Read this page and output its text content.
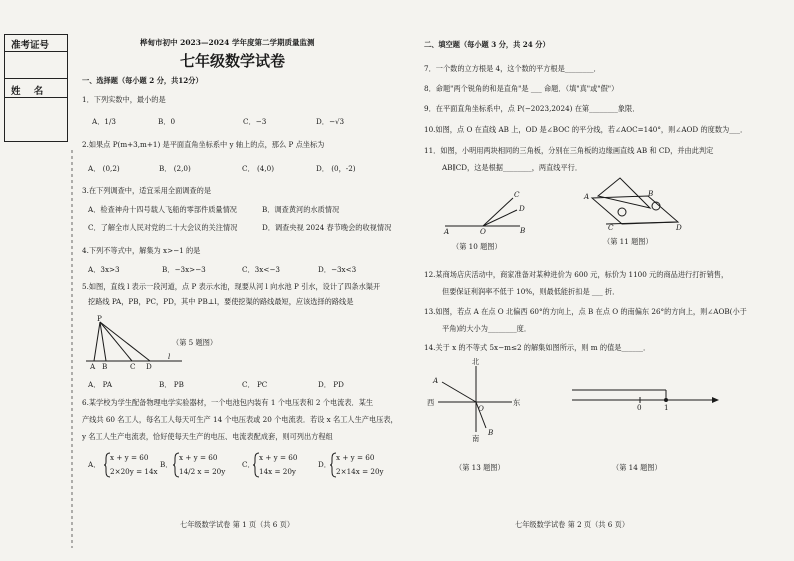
准考证号
姓    名
桦甸市初中 2023—2024 学年度第二学期质量监测
七年级数学试卷
一、选择题（每小题 2 分，共12分）
1．下列实数中，最小的是
A．1/3	B．0	C．−3	D．−√3
2.如果点 P(m+3,m+1) 是平面直角坐标系中 y 轴上的点，那么 P 点坐标为
A． (0,2)	B． (2,0)	C． (4,0)	D． (0，-2)
3.在下列调查中，适宜采用全面调查的是
A．检查神舟十四号载人飞船的零部件质量情况	B．调查黄河的水质情况
C．了解全市人民对党的二十大会议的关注情况	D．调查央视 2024 春节晚会的收视情况
4.下列不等式中，解集为 x>−1 的是
A．3x>3	B．−3x>−3	C．3x<−3	D．−3x<3
5.如图，直线 l 表示一段河道，点 P 表示水池，现要从河 l 向水池 P 引水，设计了四条水渠开
挖路线 PA，PB，PC，PD，其中 PB⊥l，要使挖渠的路线最短，应该选择的路线是
P
A B	C D
l
（第 5 题图）
A． PA	B． PB	C． PC	D． PD
6.某学校为学生配备物理电学实验器材，一个电池包内装有 1 个电压表和 2 个电流表．某生
产线共 60 名工人，每名工人每天可生产 14 个电压表或 20 个电流表．若设 x 名工人生产电压表，
y 名工人生产电流表，恰好使每天生产的电压、电流表配成套，则可列出方程组
A．
x + y = 60
2×20y = 14x
B．
x + y = 60
14/2 x = 20y
C．
x + y = 60
14x = 20y
D．
x + y = 60
2×14x = 20y
七年级数学试卷 第 1 页（共 6 页）
二、填空题（每小题 3 分，共 24 分）
7．一个数的立方根是 4，这个数的平方根是________．
8．命题"两个锐角的和是直角"是 ___ 命题．（填"真"或"假"）
9．在平面直角坐标系中，点 P(−2023,2024) 在第________象限．
10.如图，点 O 在直线 AB 上，OD 是∠BOC 的平分线，若∠AOC=140°，则∠AOD 的度数为___．
11．如图，小明用两块相同的三角板，分别在三角板的边缘画直线 AB 和 CD，并由此判定
AB∥CD，这是根据________，两直线平行．
A	O	B
C
D
（第 10 题图）
A	B
C	D
（第 11 题图）
12.某商场店庆活动中，商家准备对某种进价为 600 元，标价为 1100 元的商品进行打折销售，
但要保证利润率不低于 10%，则最低能折扣是 ___ 折．
13.如图，若点 A 在点 O 北偏西 60°的方向上，点 B 在点 O 的南偏东 26°的方向上，则∠AOB(小于
平角)的大小为________度．
14.关于 x 的不等式 5x−m≤2 的解集如图所示，则 m 的值是______．
北
南
西	东
A
O
B
（第 13 题图）
0	1
（第 14 题图）
七年级数学试卷 第 2 页（共 6 页）
